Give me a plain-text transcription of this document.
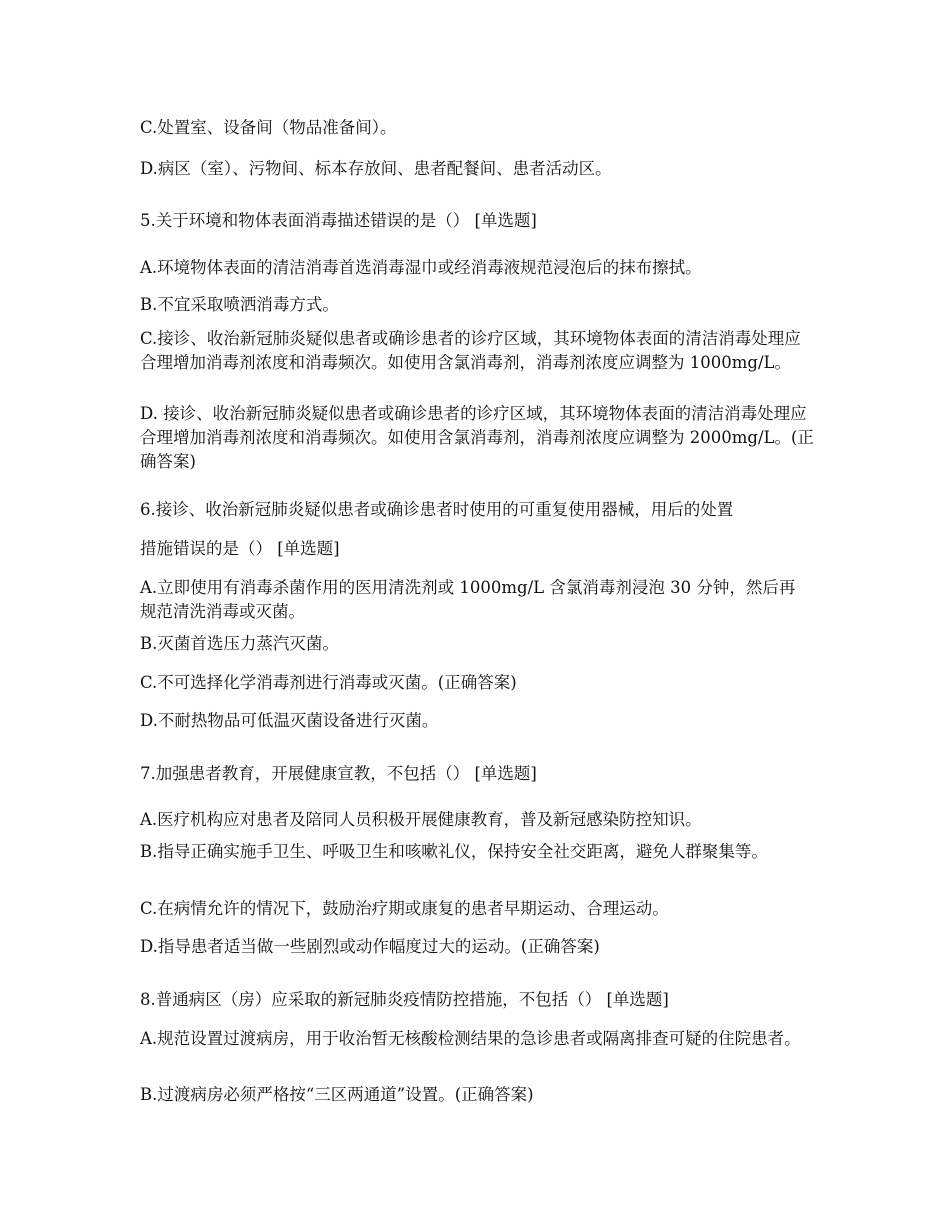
C.处置室、设备间（物品准备间）。
D.病区（室）、污物间、标本存放间、患者配餐间、患者活动区。
5.关于环境和物体表面消毒描述错误的是（） [单选题]
A.环境物体表面的清洁消毒首选消毒湿巾或经消毒液规范浸泡后的抹布擦拭。
B.不宜采取喷洒消毒方式。
C.接诊、收治新冠肺炎疑似患者或确诊患者的诊疗区域，其环境物体表面的清洁消毒处理应合理增加消毒剂浓度和消毒频次。如使用含氯消毒剂，消毒剂浓度应调整为 1000mg/L。
D. 接诊、收治新冠肺炎疑似患者或确诊患者的诊疗区域，其环境物体表面的清洁消毒处理应合理增加消毒剂浓度和消毒频次。如使用含氯消毒剂，消毒剂浓度应调整为 2000mg/L。(正确答案)
6.接诊、收治新冠肺炎疑似患者或确诊患者时使用的可重复使用器械，用后的处置
措施错误的是（） [单选题]
A.立即使用有消毒杀菌作用的医用清洗剂或 1000mg/L 含氯消毒剂浸泡 30 分钟，然后再规范清洗消毒或灭菌。
B.灭菌首选压力蒸汽灭菌。
C.不可选择化学消毒剂进行消毒或灭菌。(正确答案)
D.不耐热物品可低温灭菌设备进行灭菌。
7.加强患者教育，开展健康宣教，不包括（） [单选题]
A.医疗机构应对患者及陪同人员积极开展健康教育，普及新冠感染防控知识。
B.指导正确实施手卫生、呼吸卫生和咳嗽礼仪，保持安全社交距离，避免人群聚集等。
C.在病情允许的情况下，鼓励治疗期或康复的患者早期运动、合理运动。
D.指导患者适当做一些剧烈或动作幅度过大的运动。(正确答案)
8.普通病区（房）应采取的新冠肺炎疫情防控措施，不包括（） [单选题]
A.规范设置过渡病房，用于收治暂无核酸检测结果的急诊患者或隔离排查可疑的住院患者。
B.过渡病房必须严格按“三区两通道”设置。(正确答案)
